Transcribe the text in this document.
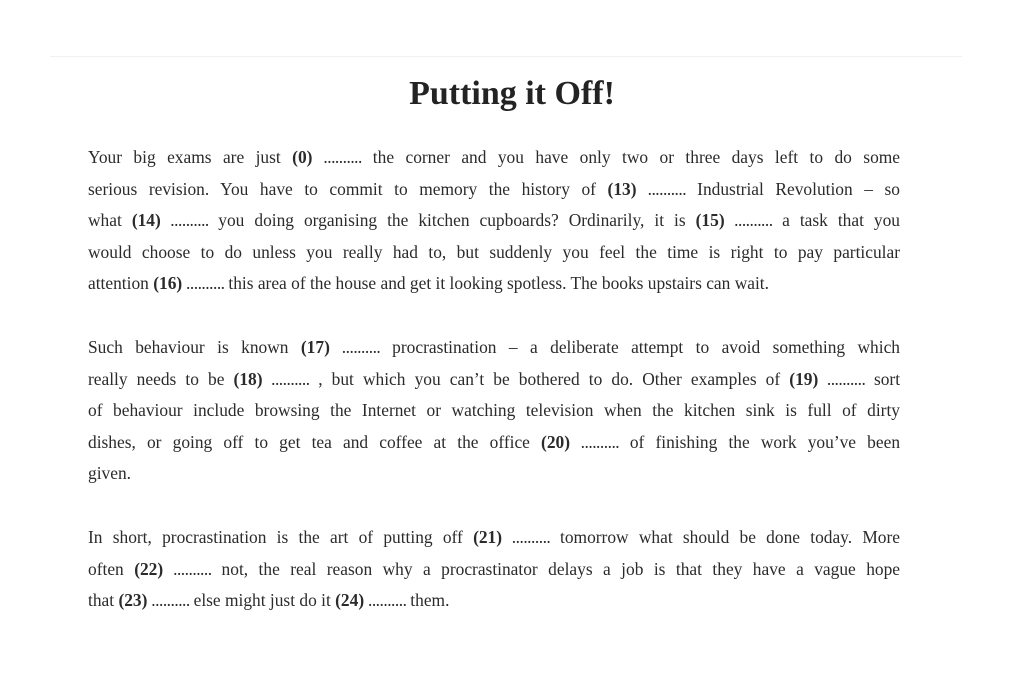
Putting it Off!
Your big exams are just (0) .......... the corner and you have only two or three days left to do some
serious revision. You have to commit to memory the history of (13) .......... Industrial Revolution – so
what (14) .......... you doing organising the kitchen cupboards? Ordinarily, it is (15) .......... a task that you
would choose to do unless you really had to, but suddenly you feel the time is right to pay particular
attention (16) .......... this area of the house and get it looking spotless. The books upstairs can wait.
Such behaviour is known (17) .......... procrastination – a deliberate attempt to avoid something which
really needs to be (18) .......... , but which you can’t be bothered to do. Other examples of (19) .......... sort
of behaviour include browsing the Internet or watching television when the kitchen sink is full of dirty
dishes, or going off to get tea and coffee at the office (20) .......... of finishing the work you’ve been
given.
In short, procrastination is the art of putting off (21) .......... tomorrow what should be done today. More
often (22) .......... not, the real reason why a procrastinator delays a job is that they have a vague hope
that (23) .......... else might just do it (24) .......... them.
